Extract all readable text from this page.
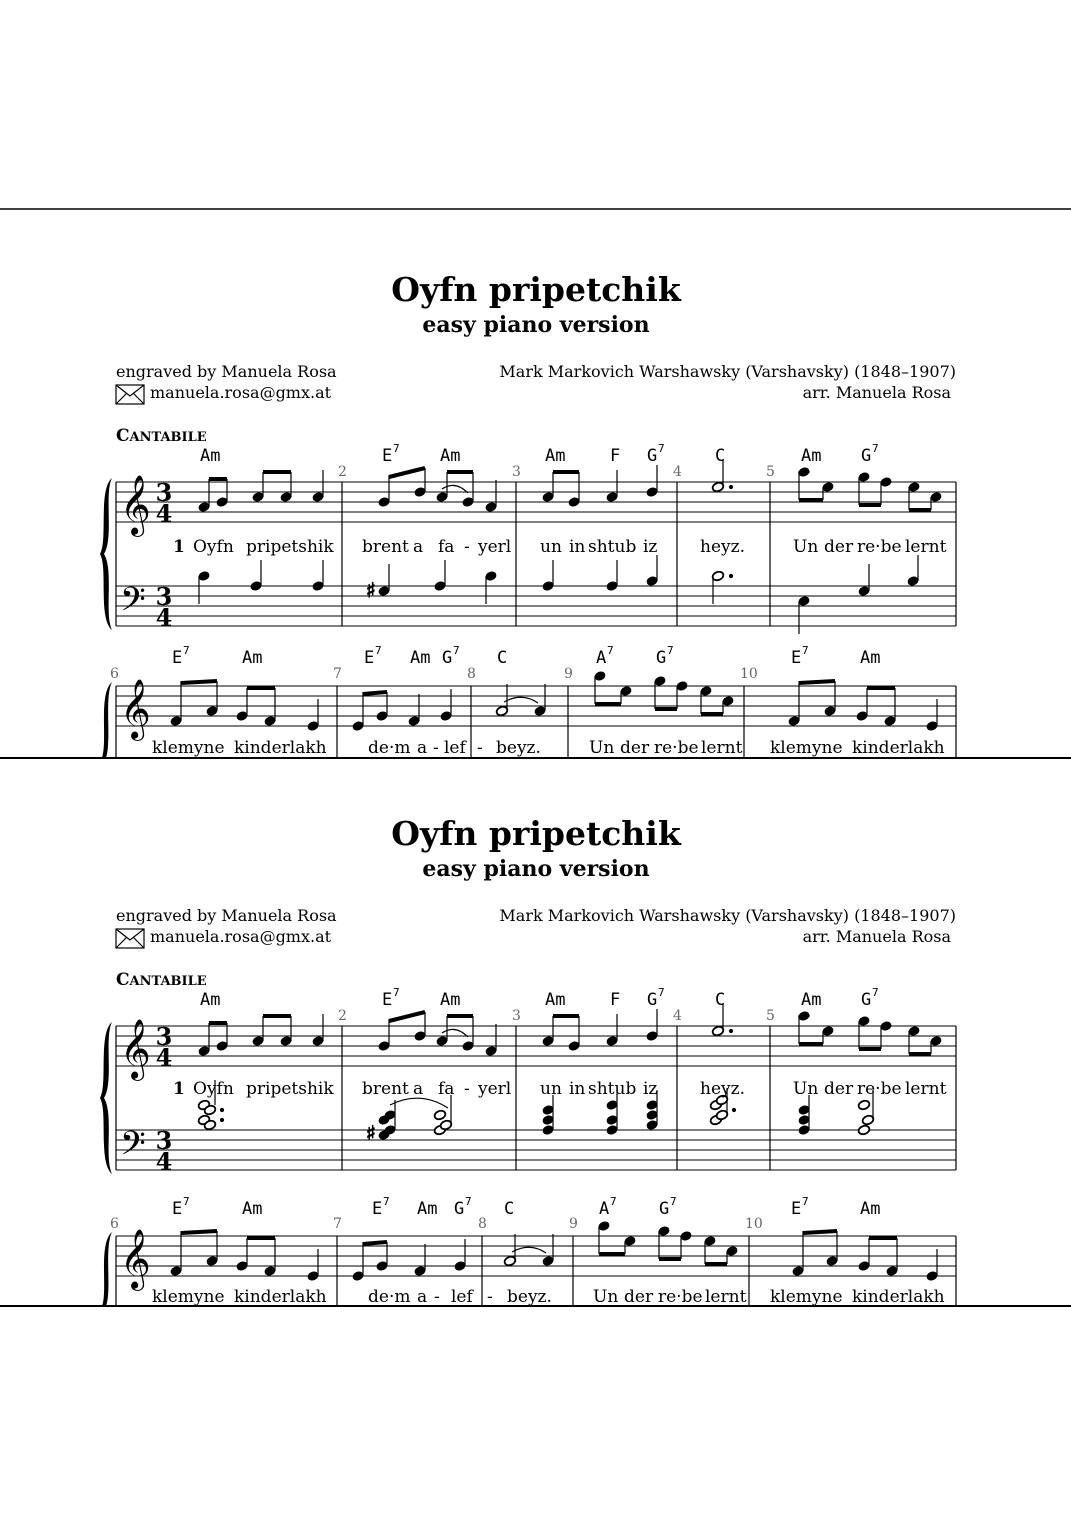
Oyfn pripetchik
easy piano version
engraved by Manuela Rosa
manuela.rosa@gmx.at
Mark Markovich Warshawsky (Varshavsky) (1848–1907)
arr. Manuela Rosa
CANTABILE
Am	E 7 Am	Am	F G 7	C	Am G 7
2	3	4	5
𝄞
𝄢
3
4
3
4
♯
1 Oyfn pripetshik brent a fa - yerl un in shtub iz	heyz.	Un der re·be lernt
E 7	Am	E 7 Am G 7 C	A 7 G 7	E 7	Am
6	7	8	9	10
𝄞
klemyne kinderlakh de·m a - lef - beyz.	Un der re·be lernt klemyne kinderlakh
Oyfn pripetchik
easy piano version
engraved by Manuela Rosa
manuela.rosa@gmx.at
Mark Markovich Warshawsky (Varshavsky) (1848–1907)
arr. Manuela Rosa
CANTABILE
Am	E 7 Am	Am	F G 7	C	Am G 7
2	3	4	5
𝄞
𝄢
3
4
3
4
♯
1 Oyfn pripetshik brent a fa - yerl un in shtub iz	heyz.	Un der re·be lernt
E 7	Am	E 7 Am G 7 C	A 7 G 7	E 7	Am
6	7	8	9	10
𝄞
klemyne kinderlakh de·m a - lef - beyz. Un der re·be lernt klemyne kinderlakh
